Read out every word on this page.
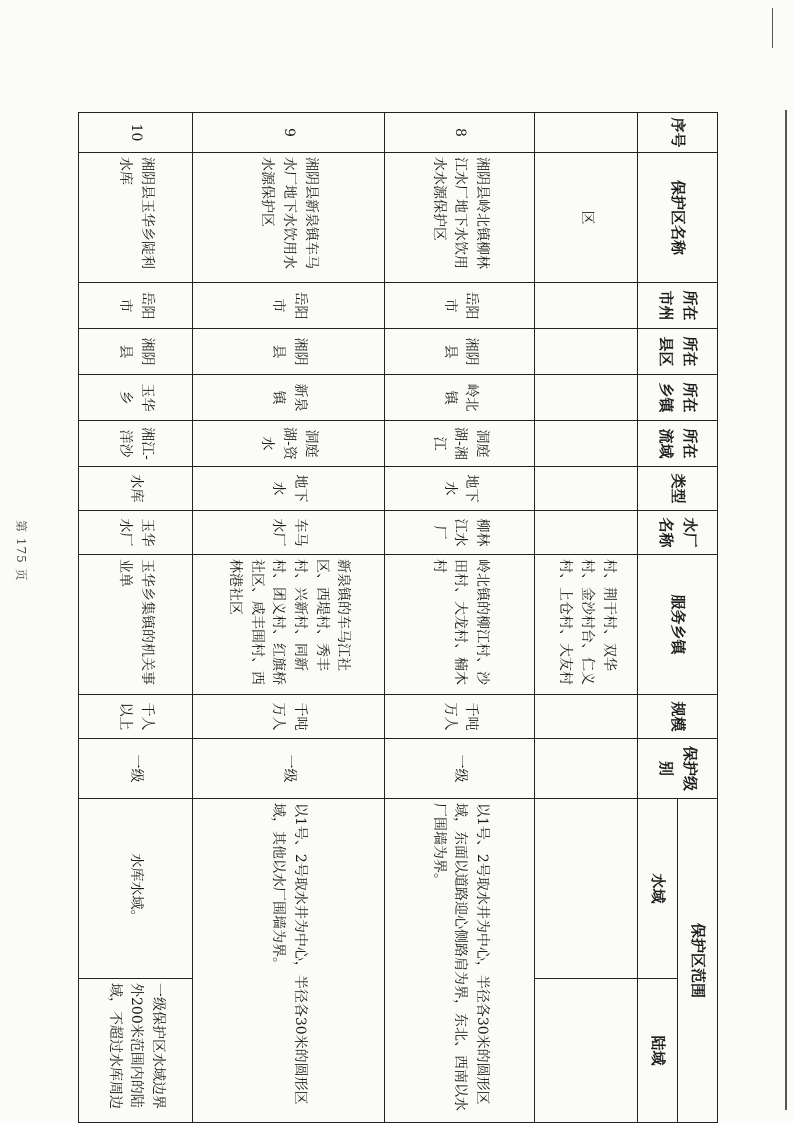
序号	保护区名称	所在市州	所在县区	所在乡镇	所在流域	类型	水厂名称	服务乡镇	规模	保护级别	保护区范围	
											水域	陆域
	区							村、荆干村、双华村、金沙村台、仁义村、上仓村、大友村				
8	湘阴县岭北镇柳林江水厂地下水饮用水水源保护区	岳阳市	湘阴县	岭北镇	洞庭湖-湘江	地下水	柳林江水厂	岭北镇的柳江村、沙田村、大龙村、楠木村	千吨万人	一级	以1号、2号取水井为中心，半径各30米的圆形区域，东面以道路迎心侧路肩为界，东北、西南以水厂围墙为界。	
9	湘阴县新泉镇车马水厂地下水饮用水水源保护区	岳阳市	湘阴县	新泉镇	洞庭湖-资水	地下水	车马水厂	新泉镇的车马江社区、西堤村、秀丰村、兴新村、同新村、团义村、红旗桥社区、咸丰围村、西林港社区	千吨万人	一级	以1号、2号取水井为中心，半径各30米的圆形区域，其他以水厂围墙为界。	
10	湘阴县玉华乡陡利水库	岳阳市	湘阴县	玉华乡	湘江-洋沙	水库	玉华水厂	玉华乡集镇的机关事业单	千人以上	一级	水库水域。	一级保护区水域边界外200米范围内的陆域，不超过水库周边
第 175 页
